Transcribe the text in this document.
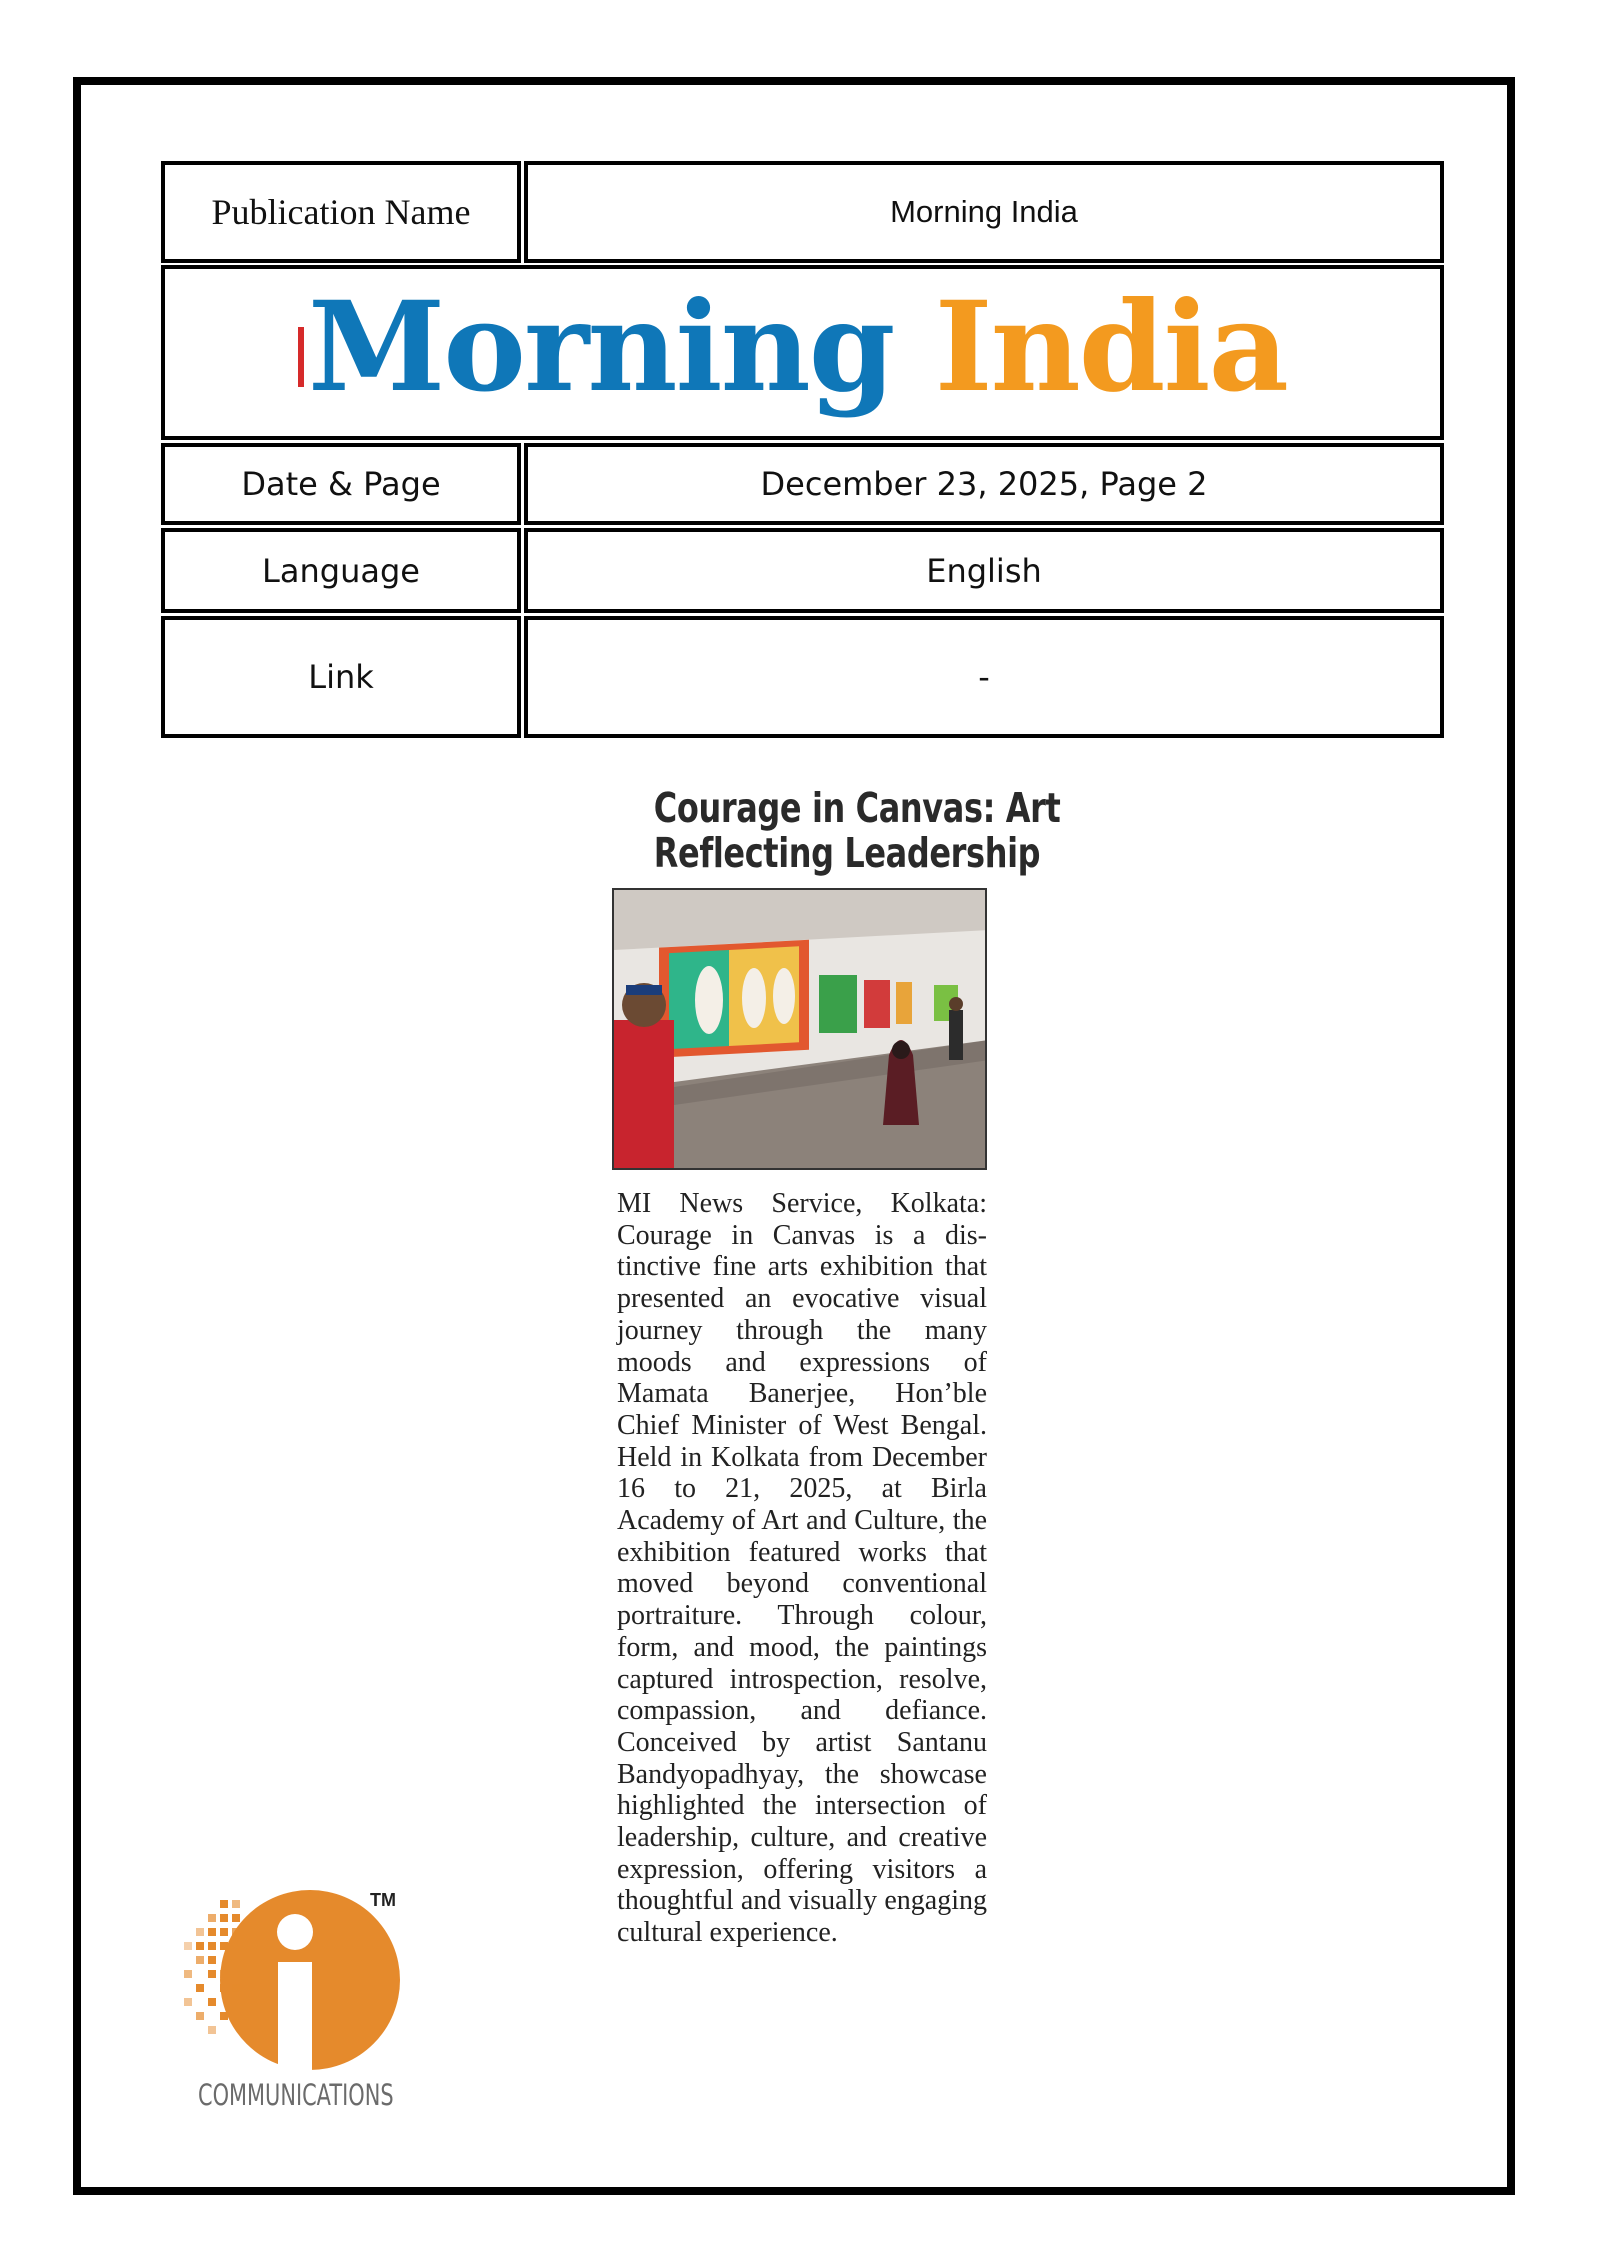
Publication Name	Morning India
Morning India
Date & Page	December 23, 2025, Page 2
Language	English
Link	-
Courage in Canvas: Art
Reflecting Leadership
MI News Service, Kolkata: Courage in Canvas is a distinctive fine arts exhibition that presented an evocative visual journey through the many moods and expressions of Mamata Banerjee, Hon’ble Chief Minister of West Bengal. Held in Kolkata from December 16 to 21, 2025, at Birla Academy of Art and Culture, the exhibition featured works that moved beyond conventional portraiture. Through colour, form, and mood, the paintings captured introspection, resolve, compassion, and defiance. Conceived by artist Santanu Bandyopadhyay, the showcase highlighted the intersection of leadership, culture, and creative expression, offering visitors a thoughtful and visually engaging cultural experience.
TM
COMMUNICATIONS
